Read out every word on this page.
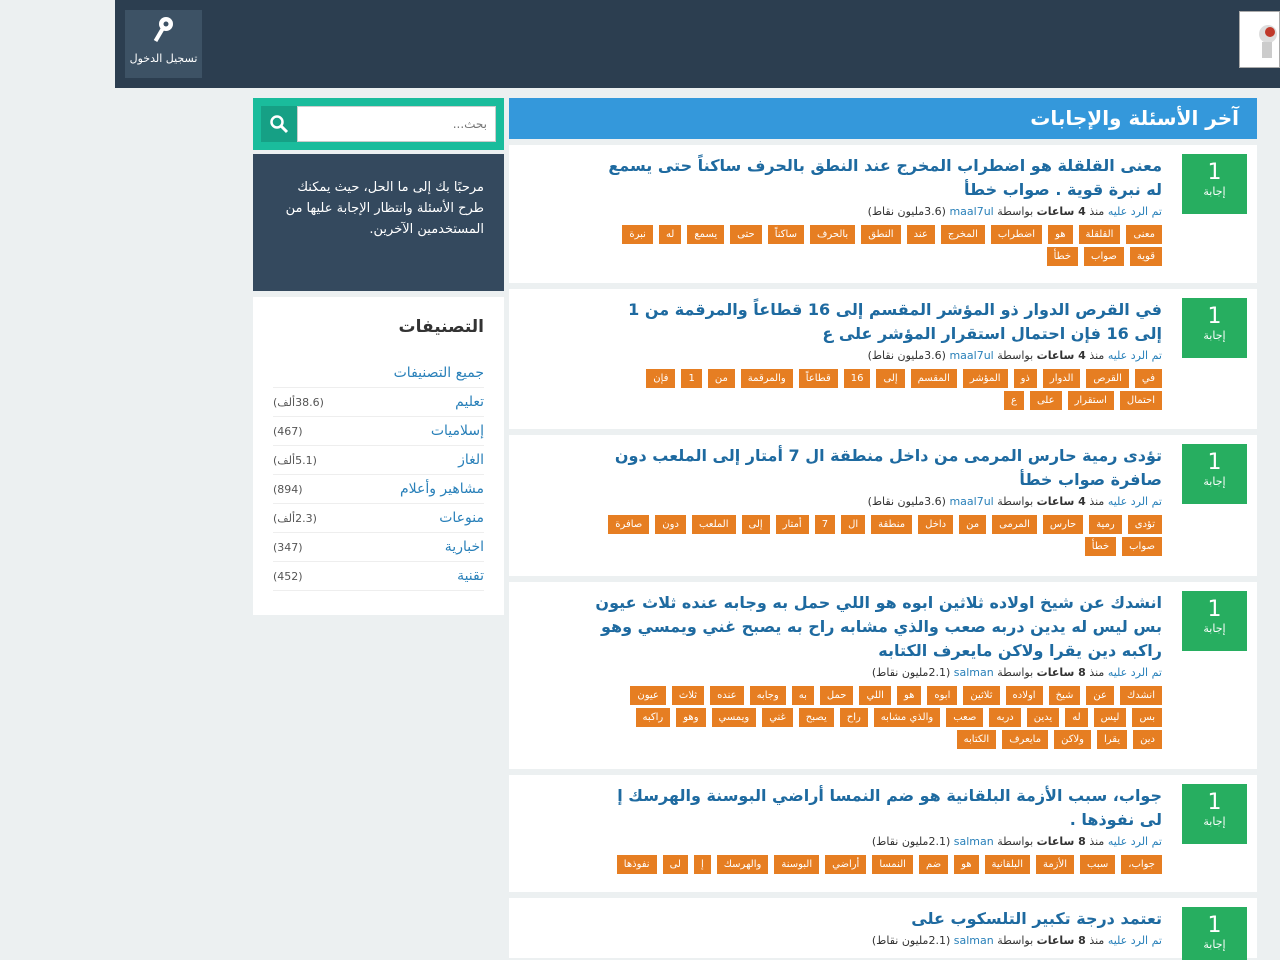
تسجيل الدخول
آخر الأسئلة والإجابات
1
إجابة
معنى القلقلة هو اضطراب المخرج عند النطق بالحرف ساكناً حتى يسمع له نبرة قوية . صواب خطأ
تم الرد عليه منذ 4 ساعات بواسطة maal7ul (3.6مليون نقاط)
معنىالقلقلةهواضطرابالمخرجعندالنطقبالحرفساكناًحتىيسمعلهنبرةقويةصوابخطأ
1
إجابة
في القرص الدوار ذو المؤشر المقسم إلى 16 قطاعاً والمرقمة من 1 إلى 16 فإن احتمال استقرار المؤشر على ع
تم الرد عليه منذ 4 ساعات بواسطة maal7ul (3.6مليون نقاط)
فيالقرصالدوارذوالمؤشرالمقسمإلى16قطاعاًوالمرقمةمن1فإناحتمالاستقرارعلىع
1
إجابة
تؤدى رمية حارس المرمى من داخل منطقة ال 7 أمتار إلى الملعب دون صافرة صواب خطأ
تم الرد عليه منذ 4 ساعات بواسطة maal7ul (3.6مليون نقاط)
تؤدىرميةحارسالمرمىمنداخلمنطقةال7أمتارإلىالملعبدونصافرةصوابخطأ
1
إجابة
انشدك عن شيخ اولاده ثلاثين ابوه هو اللي حمل به وجابه عنده ثلاث عيون بس ليس له يدين دربه صعب والذي مشابه راح به يصبح غني ويمسي وهو راكبه دين يقرا ولاكن مايعرف الكتابه
تم الرد عليه منذ 8 ساعات بواسطة salman (2.1مليون نقاط)
انشدكعنشيخاولادهثلاثينابوههوالليحملبهوجابهعندهثلاثعيونبسليسلهيديندربهصعبوالذي مشابهراحيصبحغنيويمسيوهوراكبهدينيقراولاكنمايعرفالكتابه
1
إجابة
جواب، سبب الأزمة البلقانية هو ضم النمسا أراضي البوسنة والهرسك إ لى نفوذها .
تم الرد عليه منذ 8 ساعات بواسطة salman (2.1مليون نقاط)
جواب،سببالأزمةالبلقانيةهوضمالنمساأراضيالبوسنةوالهرسكإلىنفوذها
1
إجابة
تعتمد درجة تكبير التلسكوب على
تم الرد عليه منذ 8 ساعات بواسطة salman (2.1مليون نقاط)
بحث...
مرحبًا بك إلى ما الحل، حيث يمكنك طرح الأسئلة وانتظار الإجابة عليها من المستخدمين الآخرين.
التصنيفات
جميع التصنيفات
تعليم
(38.6ألف)
إسلاميات
(467)
الغاز
(5.1ألف)
مشاهير وأعلام
(894)
منوعات
(2.3ألف)
اخبارية
(347)
تقنية
(452)
